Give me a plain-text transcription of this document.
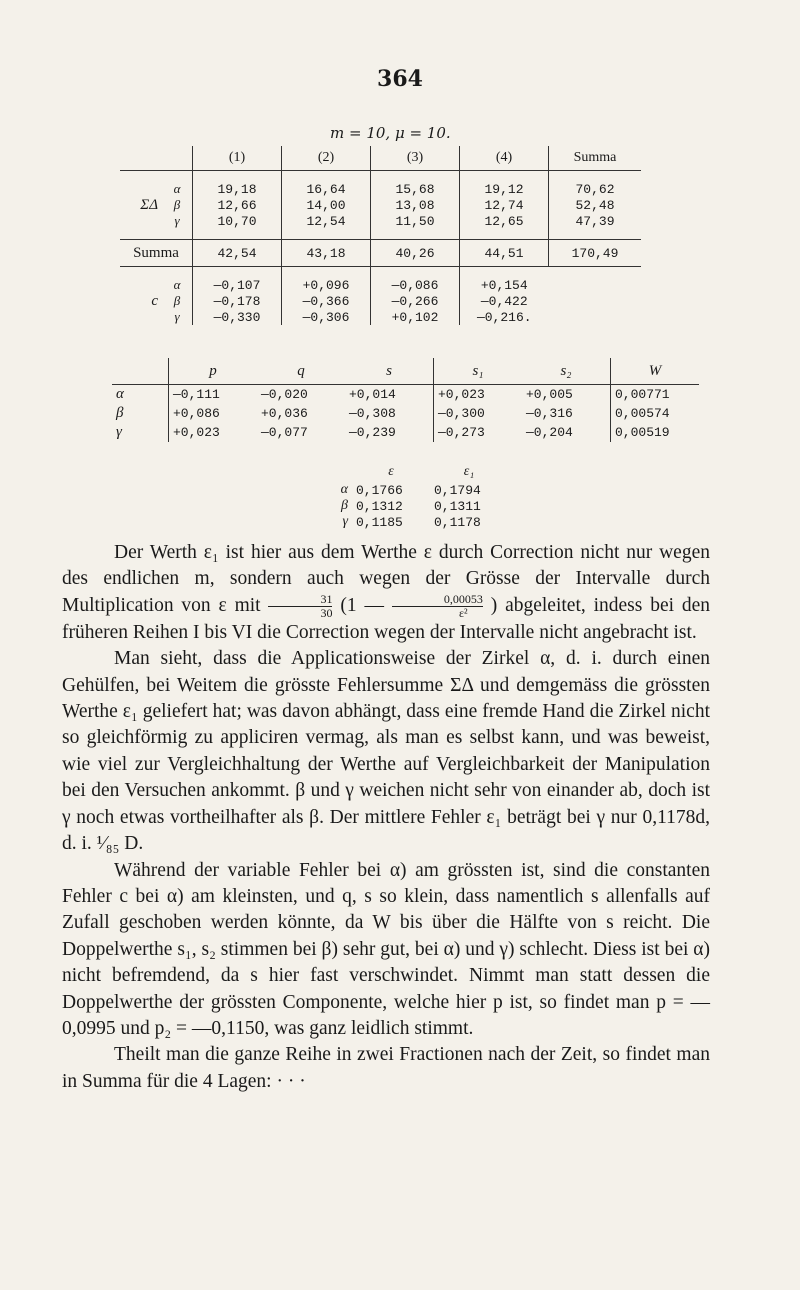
364
m = 10, μ = 10.
		(1)	(2)	(3)	(4)	Summa

ΣΔ	α	19,18	16,64	15,68	19,12	70,62
	β	12,66	14,00	13,08	12,74	52,48
	γ	10,70	12,54	11,50	12,65	47,39

Summa		42,54	43,18	40,26	44,51	170,49

c	α	—0,107	+0,096	—0,086	+0,154	
	β	—0,178	—0,366	—0,266	—0,422	
	γ	—0,330	—0,306	+0,102	—0,216.	
	p	q	s	s₁	s₂	W
α	—0,111	—0,020	+0,014	+0,023	+0,005	0,00771
β	+0,086	+0,036	—0,308	—0,300	—0,316	0,00574
γ	+0,023	—0,077	—0,239	—0,273	—0,204	0,00519
	ε	ε₁
α	0,1766	0,1794
β	0,1312	0,1311
γ	0,1185	0,1178

Der Werth ε₁ ist hier aus dem Werthe ε durch Correction nicht nur wegen des endlichen m, sondern auch wegen der Grösse der Intervalle durch Multiplication von ε mit $\frac{31}{30} (1$ — $\frac{0,00053}{\text{ε²}}$ ) abgeleitet, indess bei den früheren Reihen I bis VI die Correction wegen der Intervalle nicht angebracht ist.

Man sieht, dass die Applicationsweise der Zirkel α, d. i. durch einen Gehülfen, bei Weitem die grösste Fehlersumme ΣΔ und demgemäss die grössten Werthe ε₁ geliefert hat; was davon abhängt, dass eine fremde Hand die Zirkel nicht so gleichförmig zu appliciren vermag, als man es selbst kann, und was beweist, wie viel zur Vergleichhaltung der Werthe auf Vergleichbarkeit der Manipulation bei den Versuchen ankommt. β und γ weichen nicht sehr von einander ab, doch ist γ noch etwas vortheilhafter als β. Der mittlere Fehler ε₁ beträgt bei γ nur 0,1178d, d. i. ¹⁄₈₅ D.

Während der variable Fehler bei α) am grössten ist, sind die constanten Fehler c bei α) am kleinsten, und q, s so klein, dass namentlich s allenfalls auf Zufall geschoben werden könnte, da W bis über die Hälfte von s reicht. Die Doppelwerthe s₁, s₂ stimmen bei β) sehr gut, bei α) und γ) schlecht. Diess ist bei α) nicht befremdend, da s hier fast verschwindet. Nimmt man statt dessen die Doppelwerthe der grössten Componente, welche hier p ist, so findet man p = —0,0995 und p₂ = —0,1150, was ganz leidlich stimmt.

Theilt man die ganze Reihe in zwei Fractionen nach der Zeit, so findet man in Summa für die 4 Lagen: · · ·
